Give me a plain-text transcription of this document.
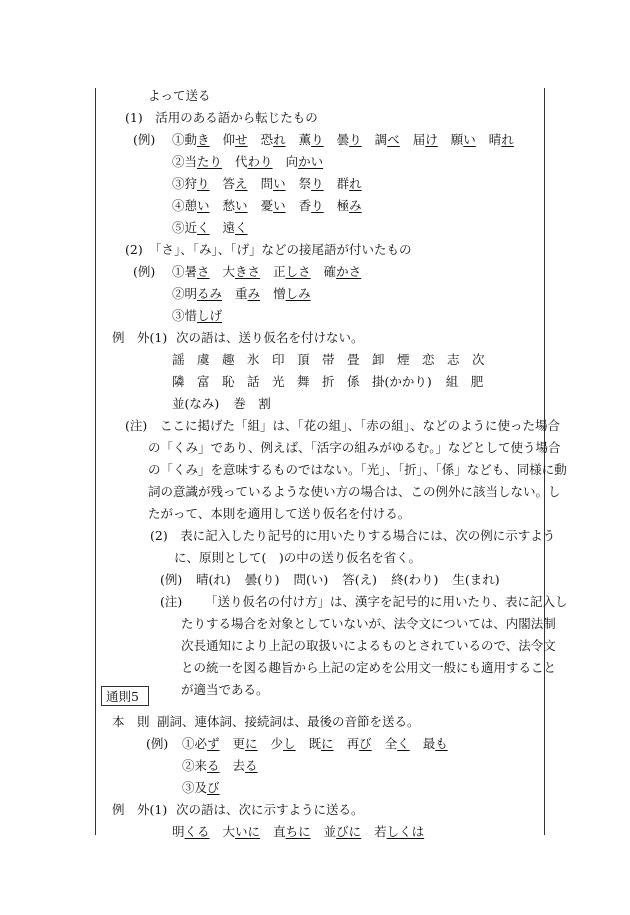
よって送る
(1)　活用のある語から転じたもの
(例) ①動き 仰せ 恐れ 薫り 曇り 調べ 届け 願い 晴れ
②当たり 代わり 向かい
③狩り 答え 問い 祭り 群れ
④憩い 愁い 憂い 香り 極み
⑤近く 遠く
(2)　「さ」、「み」、「げ」などの接尾語が付いたもの
(例) ①暑さ 大きさ 正しさ 確かさ
②明るみ 重み 憎しみ
③惜しげ
例　外(1) 次の語は、送り仮名を付けない。
謡 虞 趣 氷 印 頂 帯 畳 卸 煙 恋 志 次
隣 富 恥 話 光 舞 折 係 掛(かかり) 組 肥
並(なみ) 巻 割
(注) ここに掲げた「組」は、「花の組」、「赤の組」、などのように使った場合
の「くみ」であり、例えば、「活字の組みがゆるむ。」などとして使う場合
の「くみ」を意味するものではない。「光」、「折」、「係」なども、同様に動
詞の意識が残っているような使い方の場合は、この例外に該当しない。し
たがって、本則を適用して送り仮名を付ける。
(2)　表に記入したり記号的に用いたりする場合には、次の例に示すよう
に、原則として(　)の中の送り仮名を省く。
(例) 晴(れ) 曇(り) 問(い) 答(え) 終(わり) 生(まれ)
(注) 「送り仮名の付け方」は、漢字を記号的に用いたり、表に記入し
たりする場合を対象としていないが、法令文については、内閣法制
次長通知により上記の取扱いによるものとされているので、法令文
との統一を図る趣旨から上記の定めを公用文一般にも適用すること
が適当である。
通則5
本　則 副詞、連体詞、接続詞は、最後の音節を送る。
(例) ①必ず 更に 少し 既に 再び 全く 最も
②来る 去る
③及び
例　外(1) 次の語は、次に示すように送る。
明くる 大いに 直ちに 並びに 若しくは
